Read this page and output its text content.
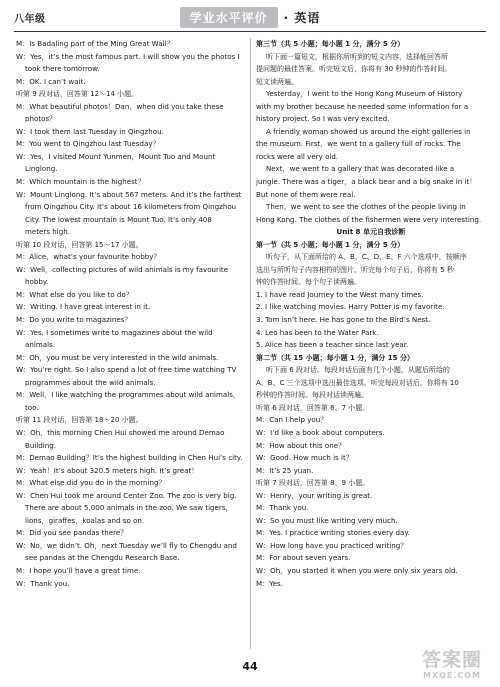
八年级	学业水平评价	· 英语
M：Is Badaling part of the Ming Great Wall？
W：Yes，it’s the most famous part. I will show you the photos I
took there tomorrow.
M：OK. I can’t wait.
听第 9 段对话，回答第 12～14 小题。
M：What beautiful photos！Dan，when did you take these
photos？
W：I took them last Tuesday in Qingzhou.
M：You went to Qingzhou last Tuesday？
W：Yes，I visited Mount Yunmen，Mount Tuo and Mount
Linglong.
M：Which mountain is the highest？
W：Mount Linglong. It’s about 567 meters. And it’s the farthest
from Qingzhou City. It’s about 16 kilometers from Qingzhou
City. The lowest mountain is Mount Tuo. It’s only 408
meters high.
听第 10 段对话，回答第 15～17 小题。
M：Alice，what’s your favourite hobby？
W：Well，collecting pictures of wild animals is my favourite
hobby.
M：What else do you like to do？
W：Writing. I have great interest in it.
M：Do you write to magazines？
W：Yes. I sometimes write to magazines about the wild
animals.
M：Oh，you must be very interested in the wild animals.
W：You’re right. So I also spend a lot of free time watching TV
programmes about the wild animals.
M：Well，I like watching the programmes about wild animals，
too.
听第 11 段对话，回答第 18～20 小题。
W：Oh，this morning Chen Hui showed me around Demao
Building.
M：Demao Building？It’s the highest building in Chen Hui’s city.
W：Yeah！It’s about 320.5 meters high. It’s great！
M：What else did you do in the morning？
W：Chen Hui took me around Center Zoo. The zoo is very big.
There are about 5,000 animals in the zoo. We saw tigers，
lions，giraffes，koalas and so on.
M：Did you see pandas there？
W：No，we didn’t. Oh，next Tuesday we’ll fly to Chengdu and
see pandas at the Chengdu Research Base.
M：I hope you’ll have a great time.
W：Thank you.
第三节（共 5 小题；每小题 1 分，满分 5 分）
听下面一篇短文，根据你所听到的短文内容，选择能回答所
提问题的最佳答案。听完短文后，你将有 30 秒钟的作答时间。
短文读两遍。
Yesterday，I went to the Hong Kong Museum of History
with my brother because he needed some information for a
history project. So I was very excited.
A friendly woman showed us around the eight galleries in
the museum. First，we went to a gallery full of rocks. The
rocks were all very old.
Next，we went to a gallery that was decorated like a
jungle. There was a tiger，a black bear and a big snake in it！
But none of them were real.
Then，we went to see the clothes of the people living in
Hong Kong. The clothes of the fishermen were very interesting.
Unit 8 单元自我诊断
第一节（共 5 小题；每小题 1 分，满分 5 分）
听句子，从下面所给的 A、B、C、D、E、F 六个选项中，按顺序
选出与所听句子内容相符的图片。听完每个句子后，你将有 5 秒
钟的作答时间。每个句子读两遍。
1. I have read Journey to the West many times.
2. I like watching movies. Harry Potter is my favorite.
3. Tom isn’t here. He has gone to the Bird’s Nest.
4. Leo has been to the Water Park.
5. Alice has been a teacher since last year.
第二节（共 15 小题；每小题 1 分，满分 15 分）
听下面 6 段对话。每段对话后面有几个小题，从题后所给的
A、B、C 三个选项中选出最佳选项。听完每段对话后，你将有 10
秒钟的作答时间。每段对话读两遍。
听第 6 段对话，回答第 6、7 小题。
M：Can I help you？
W：I’d like a book about computers.
M：How about this one？
W：Good. How much is it？
M：It’s 25 yuan.
听第 7 段对话，回答第 8、9 小题。
W：Henry，your writing is great.
M：Thank you.
W：So you must like writing very much.
M：Yes. I practice writing stories every day.
W：How long have you practiced writing？
M：For about seven years.
W：Oh，you started it when you were only six years old.
M：Yes.
44	答案圈
MXQE.COM
